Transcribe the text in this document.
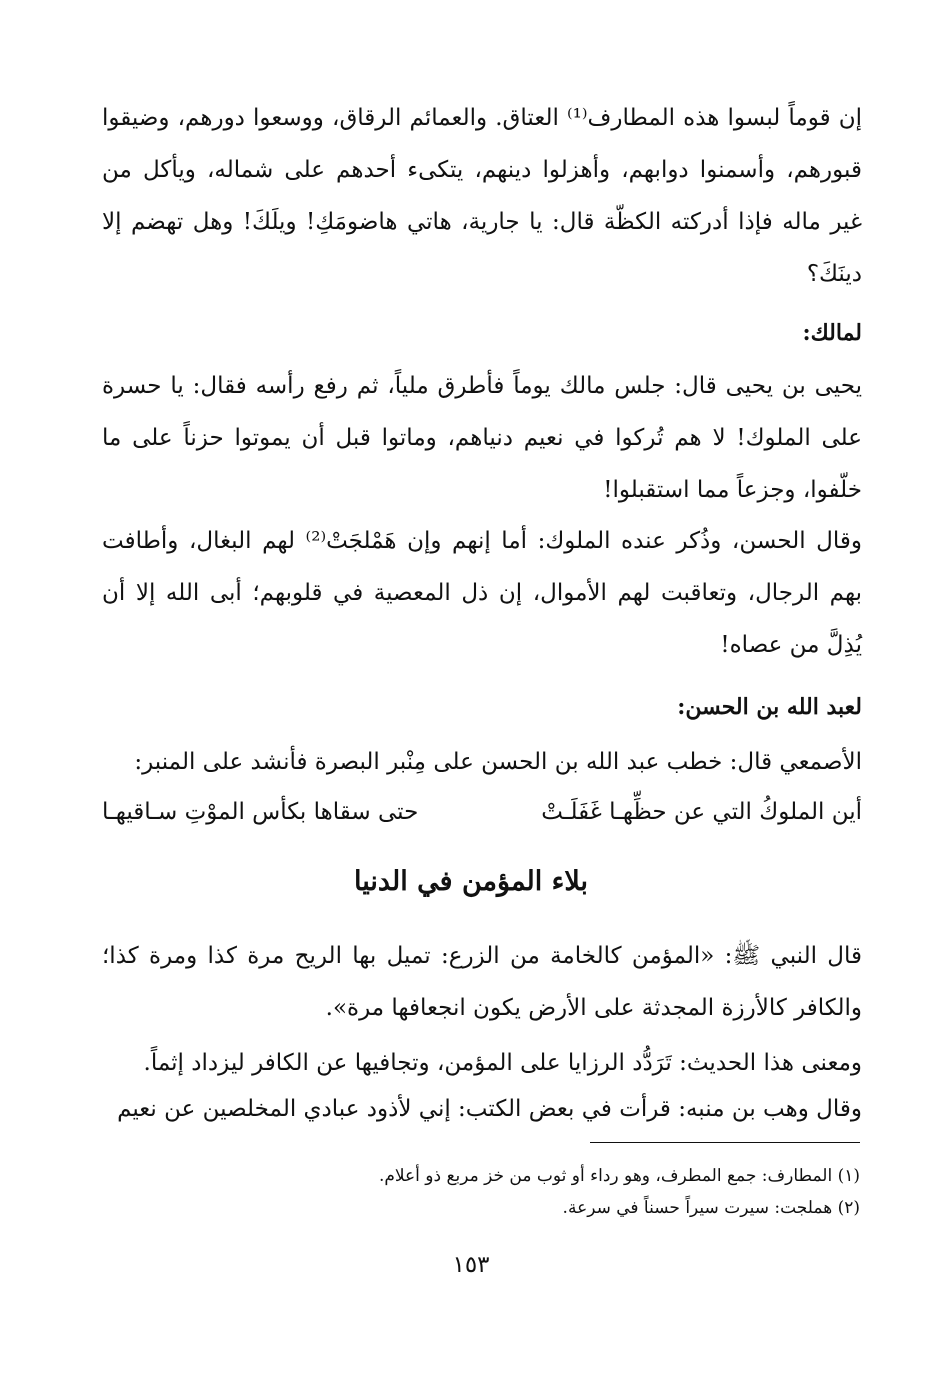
إن قوماً لبسوا هذه المطارف⁽¹⁾ العتاق. والعمائم الرقاق، ووسعوا دورهم، وضيقوا قبورهم، وأسمنوا دوابهم، وأهزلوا دينهم، يتكىء أحدهم على شماله، ويأكل من غير ماله فإذا أدركته الكظّة قال: يا جارية، هاتي هاضومَكِ! ويلَكَ! وهل تهضم إلا دينَكَ؟

لمالك:

يحيى بن يحيى قال: جلس مالك يوماً فأطرق ملياً، ثم رفع رأسه فقال: يا حسرة على الملوك! لا هم تُركوا في نعيم دنياهم، وماتوا قبل أن يموتوا حزناً على ما خلّفوا، وجزعاً مما استقبلوا!

وقال الحسن، وذُكر عنده الملوك: أما إنهم وإن هَمْلجَتْ⁽²⁾ لهم البغال، وأطافت بهم الرجال، وتعاقبت لهم الأموال، إن ذل المعصية في قلوبهم؛ أبى الله إلا أن يُذِلَّ من عصاه!

لعبد الله بن الحسن:

الأصمعي قال: خطب عبد الله بن الحسن على مِنْبر البصرة فأنشد على المنبر:

أين الملوكُ التي عن حظِّهـا غَفَلَـتْ
حتى سقاها بكأس الموْتِ سـاقيهـا
بلاء المؤمن في الدنيا

قال النبي ﷺ: «المؤمن كالخامة من الزرع: تميل بها الريح مرة كذا ومرة كذا؛ والكافر كالأرزة المجدثة على الأرض يكون انجعافها مرة».

ومعنى هذا الحديث: تَرَدُّد الرزايا على المؤمن، وتجافيها عن الكافر ليزداد إثماً.

وقال وهب بن منبه: قرأت في بعض الكتب: إني لأذود عبادي المخلصين عن نعيم

(١) المطارف: جمع المطرف، وهو رداء أو ثوب من خز مربع ذو أعلام.
(٢) هملجت: سيرت سيراً حسناً في سرعة.
١٥٣
